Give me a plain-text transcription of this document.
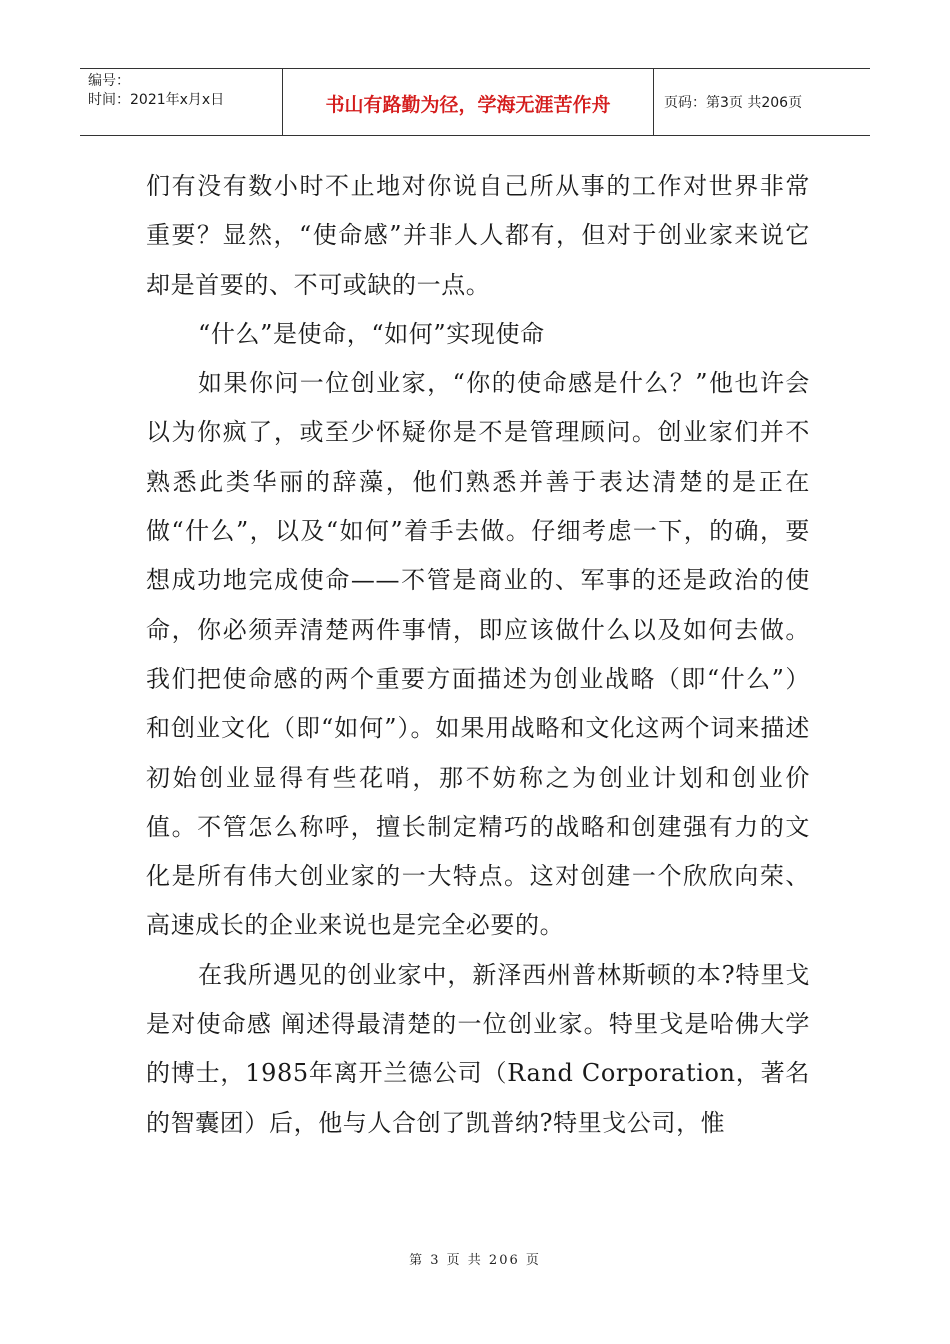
编号：
时间：2021年x月x日	书山有路勤为径，学海无涯苦作舟	页码：第3页 共206页

们有没有数小时不止地对你说自己所从事的工作对世界非常重要？显然，“使命感”并非人人都有，但对于创业家来说它却是首要的、不可或缺的一点。

“什么”是使命，“如何”实现使命

如果你问一位创业家，“你的使命感是什么？”他也许会以为你疯了，或至少怀疑你是不是管理顾问。创业家们并不熟悉此类华丽的辞藻，他们熟悉并善于表达清楚的是正在做“什么”，以及“如何”着手去做。仔细考虑一下，的确，要想成功地完成使命——不管是商业的、军事的还是政治的使命，你必须弄清楚两件事情，即应该做什么以及如何去做。我们把使命感的两个重要方面描述为创业战略（即“什么”）和创业文化（即“如何”）。如果用战略和文化这两个词来描述初始创业显得有些花哨，那不妨称之为创业计划和创业价值。不管怎么称呼，擅长制定精巧的战略和创建强有力的文化是所有伟大创业家的一大特点。这对创建一个欣欣向荣、高速成长的企业来说也是完全必要的。

在我所遇见的创业家中，新泽西州普林斯顿的本?特里戈 是对使命感 阐述得最清楚的一位创业家。特里戈是哈佛大学的博士，1985年离开兰德公司（Rand Corporation，著名的智囊团）后，他与人合创了凯普纳?特里戈公司，惟

第 3 页 共 206 页
